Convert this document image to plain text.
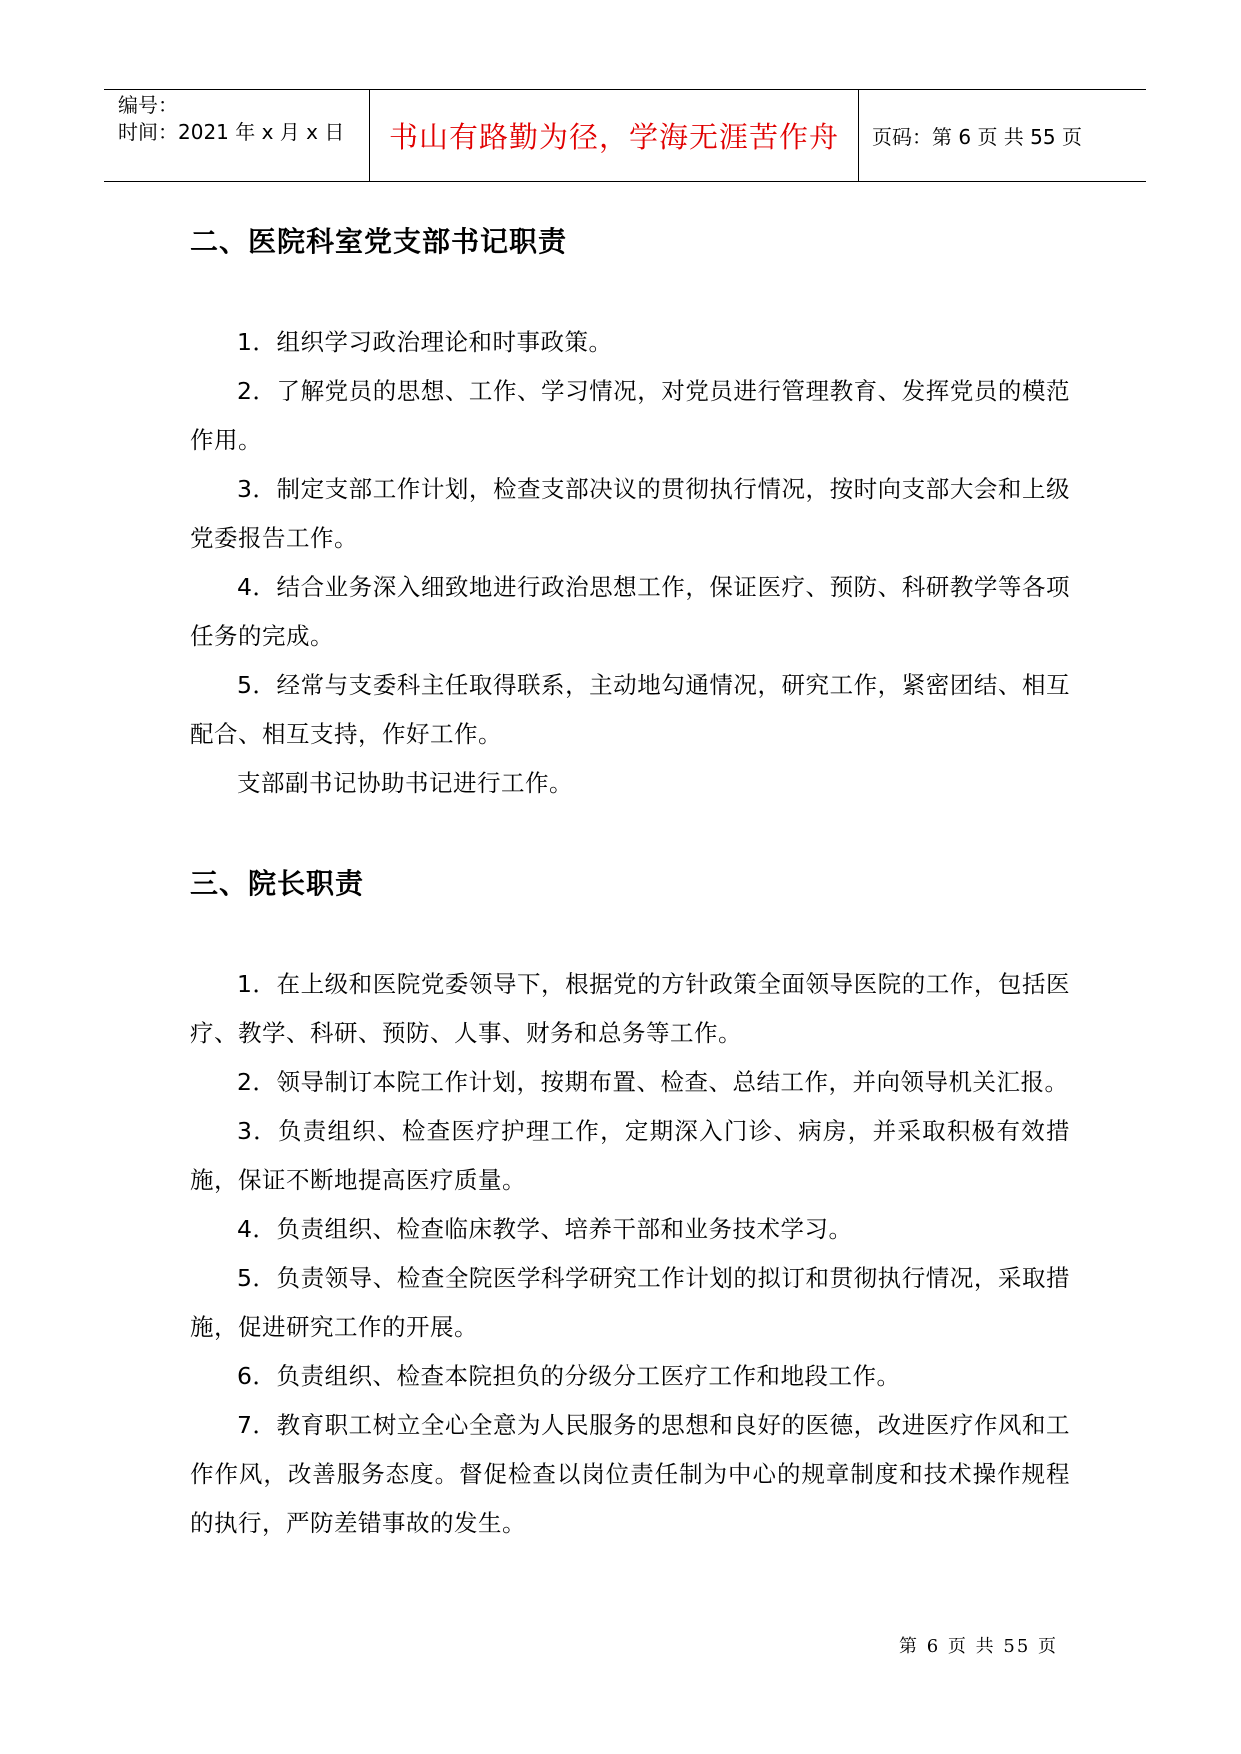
编号：
时间：2021 年 x 月 x 日	书山有路勤为径，学海无涯苦作舟	页码：第 6 页 共 55 页
二、医院科室党支部书记职责

1．组织学习政治理论和时事政策。

2．了解党员的思想、工作、学习情况，对党员进行管理教育、发挥党员的模范作用。

3．制定支部工作计划，检查支部决议的贯彻执行情况，按时向支部大会和上级党委报告工作。

4．结合业务深入细致地进行政治思想工作，保证医疗、预防、科研教学等各项任务的完成。

5．经常与支委科主任取得联系，主动地勾通情况，研究工作，紧密团结、相互配合、相互支持，作好工作。

支部副书记协助书记进行工作。

三、院长职责

1．在上级和医院党委领导下，根据党的方针政策全面领导医院的工作，包括医疗、教学、科研、预防、人事、财务和总务等工作。

2．领导制订本院工作计划，按期布置、检查、总结工作，并向领导机关汇报。

3．负责组织、检查医疗护理工作，定期深入门诊、病房，并采取积极有效措施，保证不断地提高医疗质量。

4．负责组织、检查临床教学、培养干部和业务技术学习。

5．负责领导、检查全院医学科学研究工作计划的拟订和贯彻执行情况，采取措施，促进研究工作的开展。

6．负责组织、检查本院担负的分级分工医疗工作和地段工作。

7．教育职工树立全心全意为人民服务的思想和良好的医德，改进医疗作风和工作作风，改善服务态度。督促检查以岗位责任制为中心的规章制度和技术操作规程的执行，严防差错事故的发生。

第 6 页 共 55 页
